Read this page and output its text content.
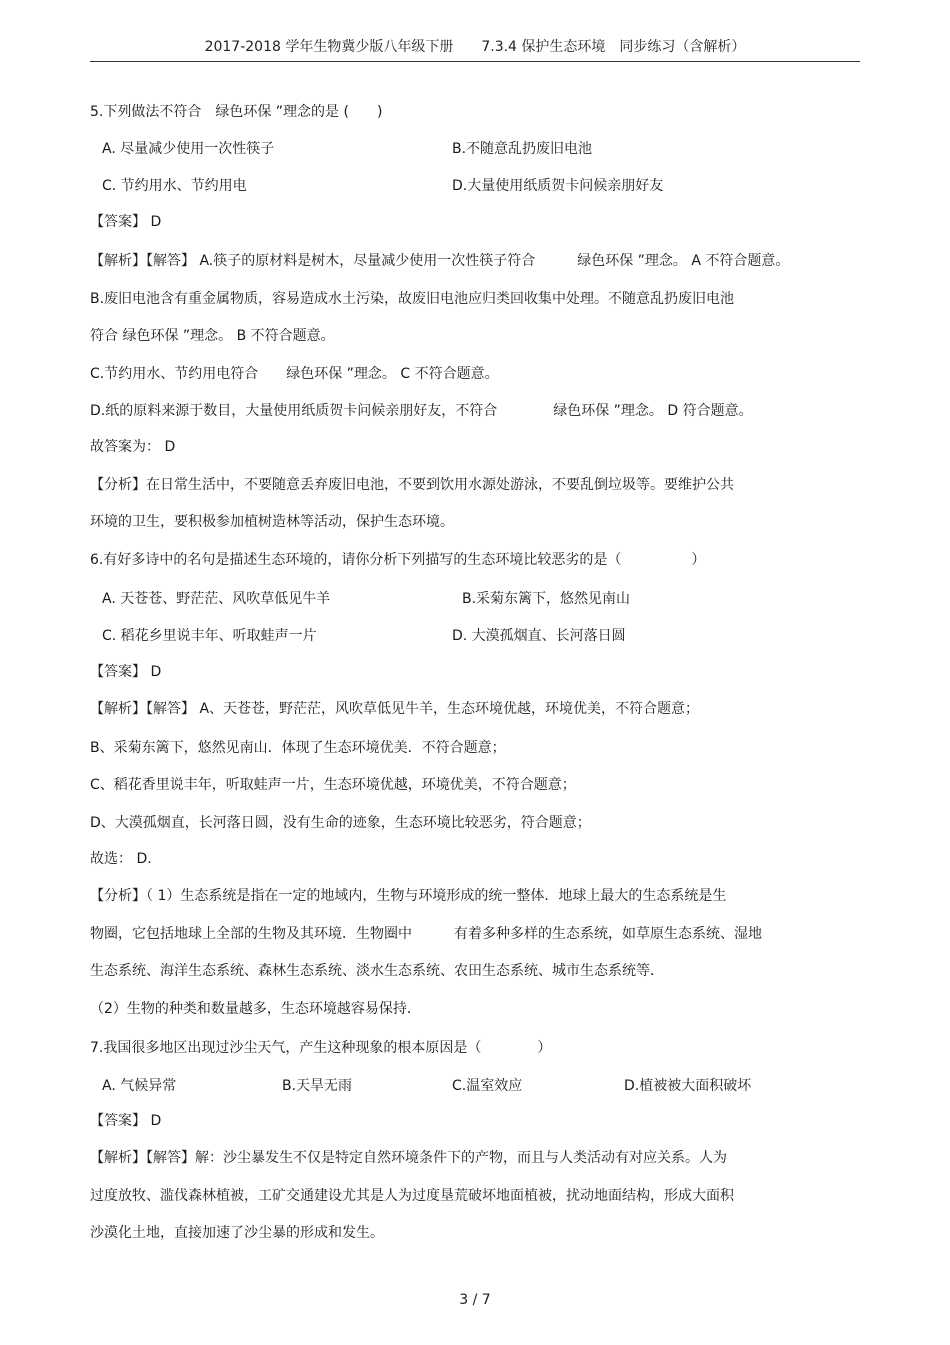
2017-2018 学年生物冀少版八年级下册　　7.3.4 保护生态环境　同步练习（含解析）
5.下列做法不符合　绿色环保 ”理念的是 (　　)
A. 尽量减少使用一次性筷子	B.不随意乱扔废旧电池
C. 节约用水、节约用电	D.大量使用纸质贺卡问候亲朋好友
【答案】 D
【解析】【解答】 A.筷子的原材料是树木，尽量减少使用一次性筷子符合　　　绿色环保 ”理念。 A 不符合题意。
B.废旧电池含有重金属物质，容易造成水土污染，故废旧电池应归类回收集中处理。不随意乱扔废旧电池
符合 绿色环保 ”理念。 B 不符合题意。
C.节约用水、节约用电符合　　绿色环保 ”理念。 C 不符合题意。
D.纸的原料来源于数目，大量使用纸质贺卡问候亲朋好友，不符合　　　　绿色环保 ”理念。 D 符合题意。
故答案为： D
【分析】在日常生活中，不要随意丢弃废旧电池，不要到饮用水源处游泳，不要乱倒垃圾等。要维护公共
环境的卫生，要积极参加植树造林等活动，保护生态环境。
6.有好多诗中的名句是描述生态环境的，请你分析下列描写的生态环境比较恶劣的是（　　　　　）
A. 天苍苍、野茫茫、风吹草低见牛羊	B.采菊东篱下，悠然见南山
C. 稻花乡里说丰年、听取蛙声一片	D. 大漠孤烟直、长河落日圆
【答案】 D
【解析】【解答】 A、天苍苍，野茫茫，风吹草低见牛羊，生态环境优越，环境优美，不符合题意；
B、采菊东篱下，悠然见南山．体现了生态环境优美．不符合题意；
C、稻花香里说丰年，听取蛙声一片，生态环境优越，环境优美，不符合题意；
D、大漠孤烟直，长河落日圆，没有生命的迹象，生态环境比较恶劣，符合题意；
故选： D.
【分析】（ 1）生态系统是指在一定的地域内，生物与环境形成的统一整体．地球上最大的生态系统是生
物圈，它包括地球上全部的生物及其环境．生物圈中　　　有着多种多样的生态系统，如草原生态系统、湿地
生态系统、海洋生态系统、森林生态系统、淡水生态系统、农田生态系统、城市生态系统等．
（2）生物的种类和数量越多，生态环境越容易保持．
7.我国很多地区出现过沙尘天气，产生这种现象的根本原因是（　　　　）
A. 气候异常	B.天旱无雨	C.温室效应	D.植被被大面积破坏
【答案】 D
【解析】【解答】解：沙尘暴发生不仅是特定自然环境条件下的产物，而且与人类活动有对应关系。人为
过度放牧、滥伐森林植被，工矿交通建设尤其是人为过度垦荒破坏地面植被，扰动地面结构，形成大面积
沙漠化土地，直接加速了沙尘暴的形成和发生。
3 / 7
